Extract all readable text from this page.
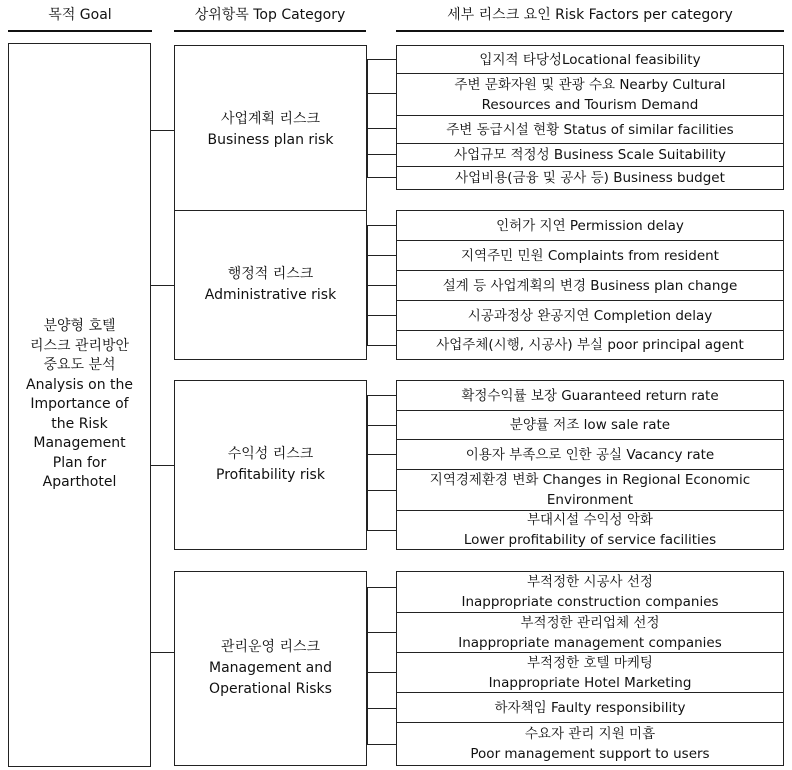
목적 Goal	상위항목 Top Category	세부 리스크 요인 Risk Factors per category
분양형 호텔
리스크 관리방안
중요도 분석
Analysis on the
Importance of
the Risk
Management
Plan for
Aparthotel
사업계획 리스크
Business plan risk
입지적 타당성Locational feasibility
주변 문화자원 및 관광 수요 Nearby Cultural
Resources and Tourism Demand
주변 동급시설 현황 Status of similar facilities
사업규모 적정성 Business Scale Suitability
사업비용(금융 및 공사 등) Business budget
행정적 리스크
Administrative risk
인허가 지연 Permission delay
지역주민 민원 Complaints from resident
설계 등 사업계획의 변경 Business plan change
시공과정상 완공지연 Completion delay
사업주체(시행, 시공사) 부실 poor principal agent
수익성 리스크
Profitability risk
확정수익률 보장 Guaranteed return rate
분양률 저조 low sale rate
이용자 부족으로 인한 공실 Vacancy rate
지역경제환경 변화 Changes in Regional Economic
Environment
부대시설 수익성 악화
Lower profitability of service facilities
관리운영 리스크
Management and
Operational Risks
부적정한 시공사 선정
Inappropriate construction companies
부적정한 관리업체 선정
Inappropriate management companies
부적정한 호텔 마케팅
Inappropriate Hotel Marketing
하자책임 Faulty responsibility
수요자 관리 지원 미흡
Poor management support to users
